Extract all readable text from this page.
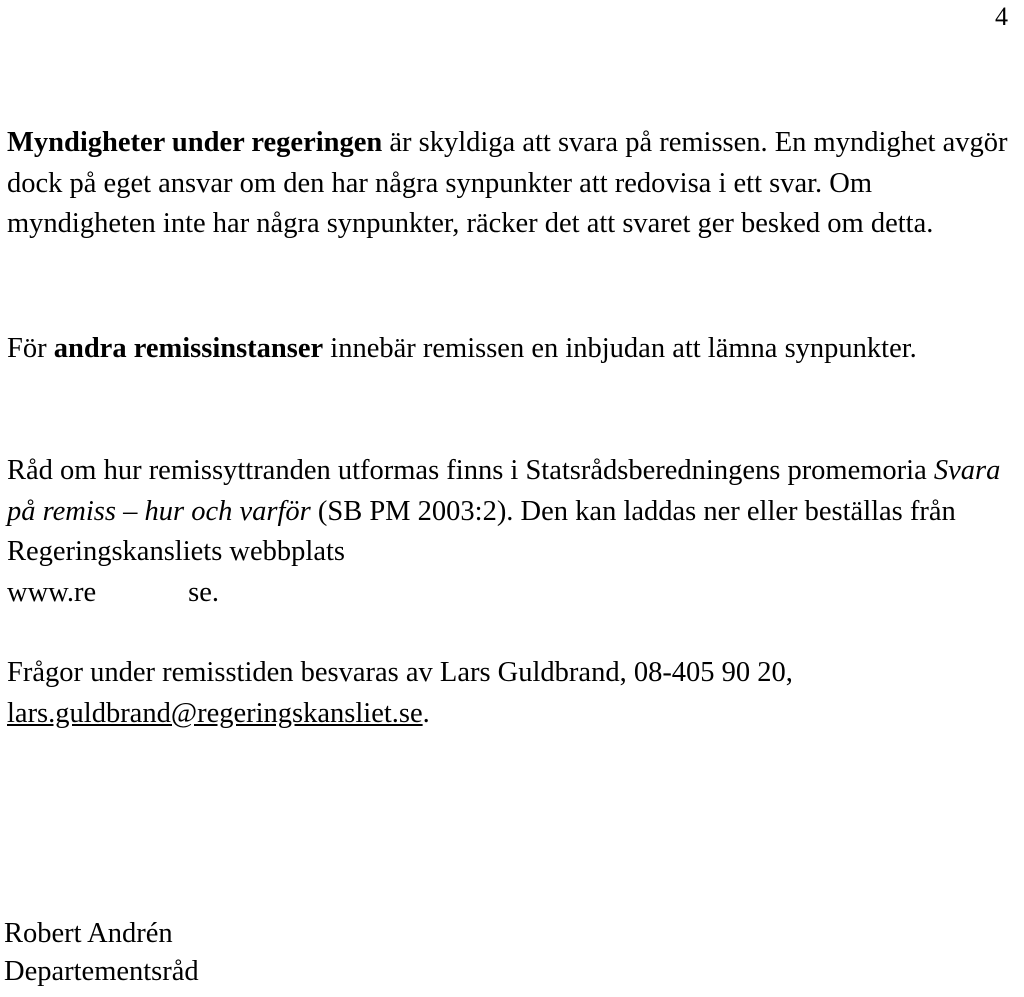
4

Myndigheter under regeringen är skyldiga att svara på remissen. En myndighet avgör dock på eget ansvar om den har några synpunkter att redovisa i ett svar. Om myndigheten inte har några synpunkter, räcker det att svaret ger besked om detta.

För andra remissinstanser innebär remissen en inbjudan att lämna synpunkter.

Råd om hur remissyttranden utformas finns i Statsrådsberedningens promemoria Svara på remiss – hur och varför (SB PM 2003:2). Den kan laddas ner eller beställas från Regeringskansliets webbplats
www.re	se.

Frågor under remisstiden besvaras av Lars Guldbrand, 08-405 90 20,
lars.guldbrand@regeringskansliet.se.

Robert Andrén
Departementsråd
